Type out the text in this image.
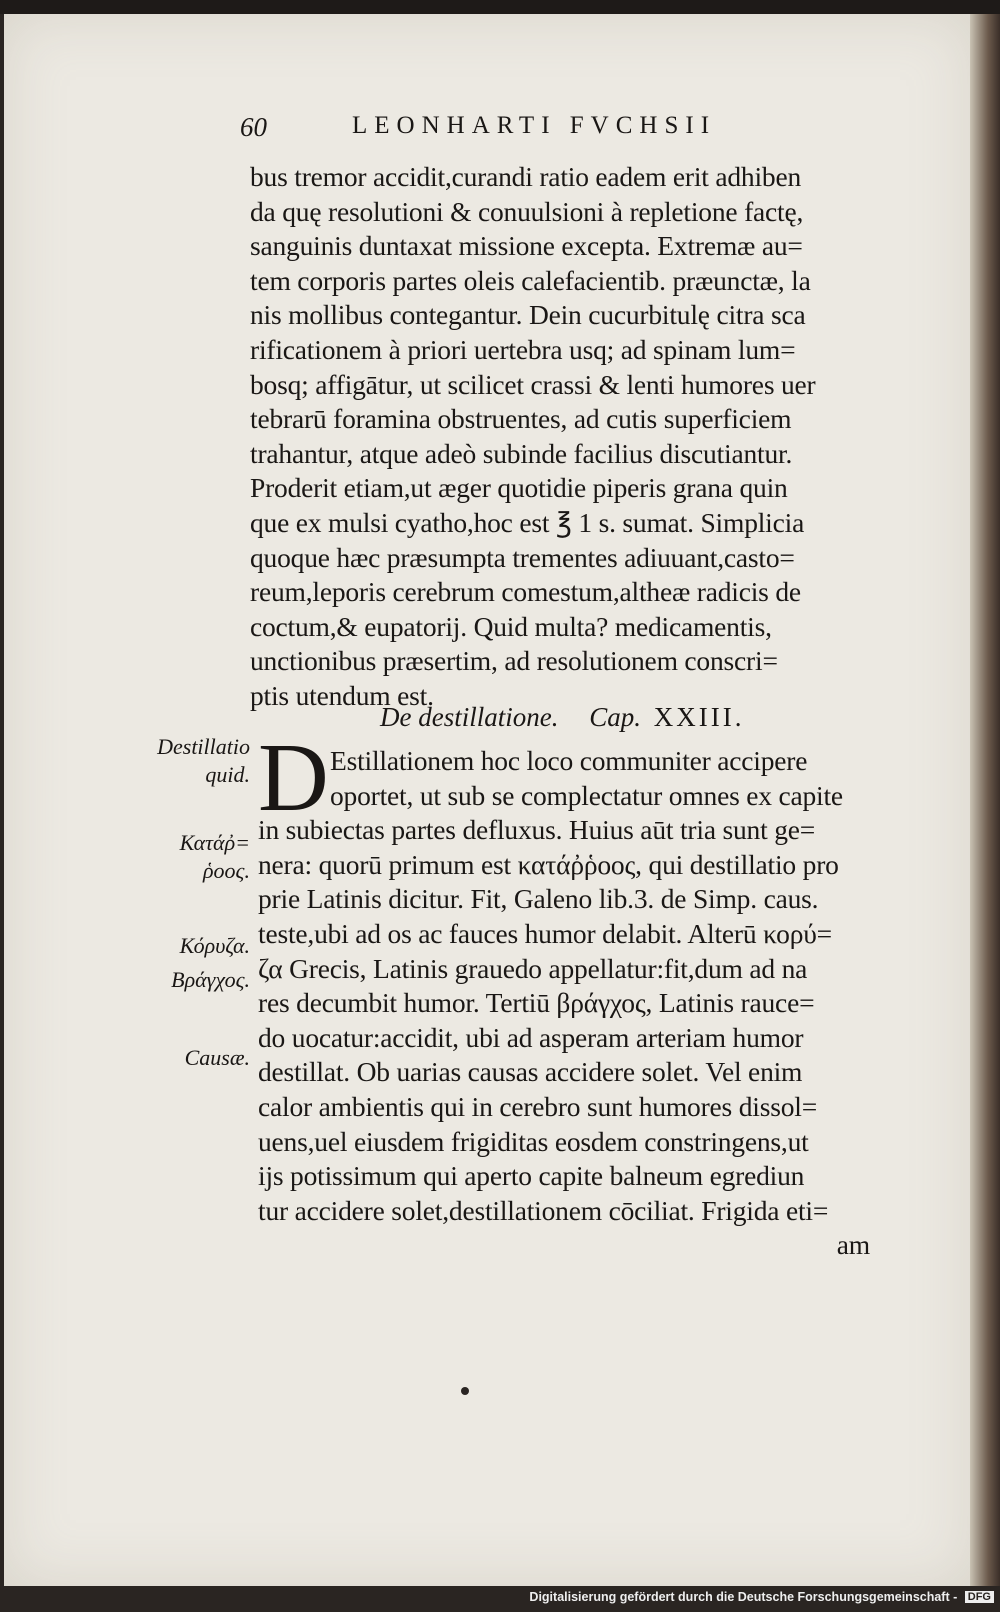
60	LEONHARTI FVCHSII
bus tremor accidit,curandi ratio eadem erit adhiben
da quę resolutioni & conuulsioni à repletione factę,
sanguinis duntaxat missione excepta. Extremæ au=
tem corporis partes oleis calefacientib. præunctæ, la
nis mollibus contegantur. Dein cucurbitulę citra sca
rificationem à priori uertebra usq; ad spinam lum=
bosq; affigātur, ut scilicet crassi & lenti humores uer
tebrarū foramina obstruentes, ad cutis superficiem
trahantur, atque adeò subinde facilius discutiantur.
Proderit etiam,ut æger quotidie piperis grana quin
que ex mulsi cyatho,hoc est ℥ 1 s. sumat. Simplicia
quoque hæc præsumpta trementes adiuuant,casto=
reum,leporis cerebrum comestum,altheæ radicis de
coctum,& eupatorij. Quid multa? medicamentis,
unctionibus præsertim, ad resolutionem conscri=
ptis utendum est.
De destillatione. Cap. XXIII.
D Estillationem hoc loco communiter accipere
oportet, ut sub se complectatur omnes ex capite
in subiectas partes defluxus. Huius aūt tria sunt ge=
nera: quorū primum est κατάῤῥοος, qui destillatio pro
prie Latinis dicitur. Fit, Galeno lib.3. de Simp. caus.
teste,ubi ad os ac fauces humor delabit. Alterū κορύ=
ζα Grecis, Latinis grauedo appellatur:fit,dum ad na
res decumbit humor. Tertiū βράγχος, Latinis rauce=
do uocatur:accidit, ubi ad asperam arteriam humor
destillat. Ob uarias causas accidere solet. Vel enim
calor ambientis qui in cerebro sunt humores dissol=
uens,uel eiusdem frigiditas eosdem constringens,ut
ijs potissimum qui aperto capite balneum egrediun
tur accidere solet,destillationem cōciliat. Frigida eti=
am
Destillatio
quid.
Κατάῤ=
ῥοος.
Κόρυζα.
Βράγχος.
Causæ.
Digitalisierung gefördert durch die Deutsche Forschungsgemeinschaft - DFG
